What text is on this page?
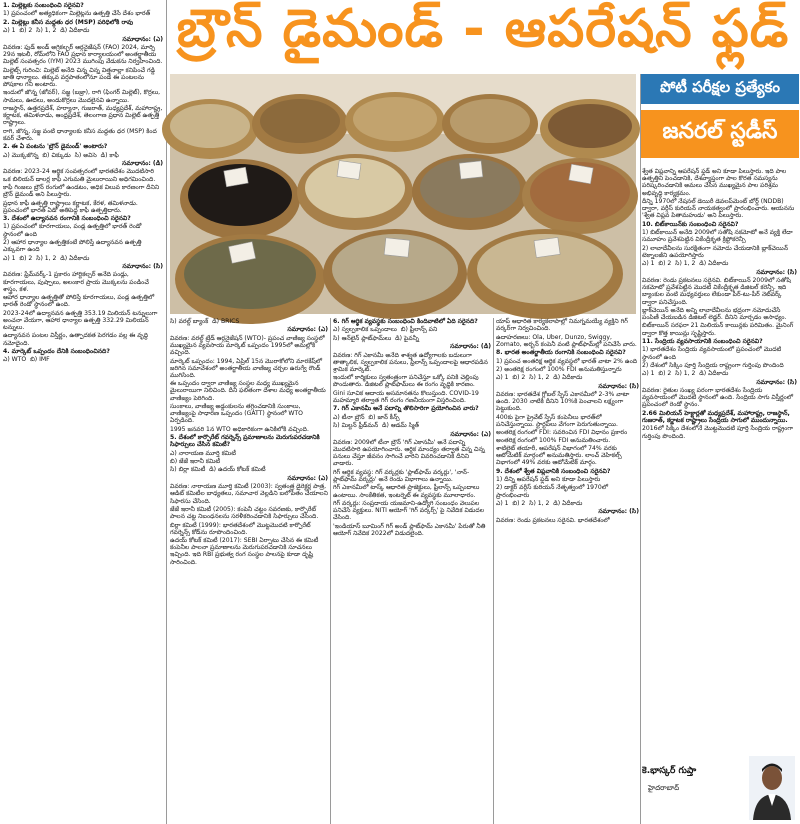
1. మిల్లెట్లకు సంబంధించి సరైనవి?

1) ప్రపంచంలో అత్యధికంగా మిల్లెట్లను ఉత్పత్తి చేసే దేశం భారత్

2. మిల్లెట్లు కనీస మద్దతు ధర (MSP) పరిధిలోకి రావు

ఎ) 1  బి) 2  సి) 1, 2  డి) ఏదీకాదు

సమాధానం: (ఎ)

వివరణ: ఫుడ్ అండ్ అగ్రికల్చర్ ఆర్గనైజేషన్ (FAO) 2024, మార్చి 29న ఇటలీ, రోమ్‌లోని FAO ప్రధాన కార్యాలయంలో అంతర్జాతీయ మిల్లెట్ సంవత్సరం (IYM) 2023 ముగింపు వేడుకను నిర్వహించింది.

మిల్లెట్స్ గురించి: మిల్లెట్ అనేది చిన్న చిన్న విత్తనాల్లా కనిపించే గడ్డి జాతి ధాన్యాలు. తక్కువ వర్షపాతంలోనూ పండే ఈ పంటలను పోషకాల గని అంటారు.

ఇందులో జొన్న (జోవర్), సజ్జ (బజ్రా), రాగి (ఫింగర్ మిల్లెట్), కొర్రలు, సామలు, ఊదలు, అండుకొర్రలు మొదలైనవి ఉన్నాయి.

రాజస్థాన్, ఉత్తరప్రదేశ్, హర్యానా, గుజరాత్, మధ్యప్రదేశ్, మహారాష్ట్ర, కర్ణాటక, తమిళనాడు, ఆంధ్రప్రదేశ్, తెలంగాణ ప్రధాన మిల్లెట్ ఉత్పత్తి రాష్ట్రాలు.

రాగి, జొన్న, సజ్జ వంటి ధాన్యాలకు కనీస మద్దతు ధర (MSP) కింద కవర్ చేశారు.

2. ఈ ఏ పంటను 'బ్రౌన్ డైమండ్' అంటారు?

ఎ) మొక్కజొన్న  బి) చిక్కుడు  సి) అవిసె  డి) కాఫీ

సమాధానం: (డి)

వివరణ: 2023-24 ఆర్థిక సంవత్సరంలో భారతదేశం మొదటిసారి ఒక బిలియన్ డాలర్ల కాఫీ ఎగుమతి మైలురాయిని అధిగమించింది.

కాఫీ గింజలు బ్రౌన్ రంగులో ఉండటం, అధిక విలువ కారణంగా దీనిని బ్రౌన్ డైమండ్ అని పిలుస్తారు.

ప్రధాన కాఫీ ఉత్పత్తి రాష్ట్రాలు కర్ణాటక, కేరళ, తమిళనాడు. ప్రపంచంలో భారత్ ఏడో అతిపెద్ద కాఫీ ఉత్పత్తిదారు.

3. దేశంలో ఉద్యానవన రంగానికి సంబంధించి సరైనవి?

1) ప్రపంచంలో కూరగాయలు, పండ్ల ఉత్పత్తిలో భారత్ రెండో స్థానంలో ఉంది

2) ఆహార ధాన్యాల ఉత్పత్తికంటే పోలిస్తే ఉద్యానవన ఉత్పత్తి ఎక్కువగా ఉంది

ఎ) 1  బి) 2  సి) 1, 2  డి) ఏదీకాదు

సమాధానం: (సి)

వివరణ: ఫ్రేమ్‌వర్క్-1 ప్రకారం హార్టికల్చర్ అనేది పండ్లు, కూరగాయలు, పుష్పాలు, అలంకార ప్రాయ మొక్కలను పండించే శాస్త్రం, కళ.

ఆహార ధాన్యాల ఉత్పత్తితో పోలిస్తే కూరగాయలు, పండ్ల ఉత్పత్తిలో భారత్ రెండో స్థానంలో ఉంది.

2023-24లో ఉద్యానవన ఉత్పత్తి 353.19 మిలియన్ టన్నులుగా అంచనా వేయగా, ఆహార ధాన్యాల ఉత్పత్తి 332.29 మిలియన్ టన్నులు.

ఉద్యానవన పంటల విస్తీర్ణం, ఉత్పాదకత పెరగడం వల్ల ఈ వృద్ధి నమోదైంది.

4. మార్కెట్ ఒప్పందం దేనికి సంబంధించినది?

ఎ) WTO  బి) IMF

బ్రౌన్ డైమండ్ - ఆపరేషన్ ఫ్లడ్

సి) వరల్డ్ బ్యాంక్  డి) BRICS

సమాధానం: (ఎ)

వివరణ: వరల్డ్ ట్రేడ్ ఆర్గనైజేషన్ (WTO)- ప్రపంచ వాణిజ్య సంస్థలో ముఖ్యమైన వ్యవసాయ మార్కెట్ ఒప్పందం 1995లో అమల్లోకి వచ్చింది.

మార్కెట్ ఒప్పందం: 1994, ఏప్రిల్ 15న మొరాకోలోని మారకేష్‌లో జరిగిన సమావేశంలో అంతర్జాతీయ వాణిజ్య చర్చల ఉరుగ్వే రౌండ్ ముగిసింది.

ఈ ఒప్పందం ద్వారా వాణిజ్య సంస్థల మధ్య ముఖ్యమైన మైలురాయిగా నిలిచింది. దీని ఫలితంగా దేశాల మధ్య అంతర్జాతీయ వాణిజ్యం పెరిగింది.

సుంకాలు, వాణిజ్య అడ్డంకులను తగ్గించడానికి సుంకాలు, వాణిజ్యంపై సాధారణ ఒప్పందం (GATT) స్థానంలో WTO ఏర్పడింది.

1995 జనవరి 1న WTO అధికారికంగా ఉనికిలోకి వచ్చింది.

5. దేశంలో కార్పొరేట్ గవర్నెన్స్ ప్రమాణాలను మెరుగుపరచడానికి సిఫార్సులు చేసిన కమిటీ?

ఎ) నారాయణ మూర్తి కమిటీ

బి) జేజే ఇరానీ కమిటీ

సి) బిర్లా కమిటీ  డి) ఉదయ్ కోటక్ కమిటీ

సమాధానం: (ఎ)

వివరణ: నారాయణ మూర్తి కమిటీ (2003): స్వతంత్ర డైరెక్టర్ల పాత్ర, ఆడిట్ కమిటీల బాధ్యతలు, సమాచార వెల్లడిని బలోపేతం చేయాలని సిఫారసు చేసింది.

జేజే ఇరానీ కమిటీ (2005): కంపెనీ చట్టం సవరణకు, కార్పొరేట్ పాలన చట్ట నిబంధనలను సరళీకరించడానికి సిఫార్సులు చేసింది.

బిర్లా కమిటీ (1999): భారతదేశంలో మొట్టమొదటి కార్పొరేట్ గవర్నెన్స్ కోడ్‌ను రూపొందించింది.

ఉదయ్ కోటక్ కమిటీ (2017): SEBI ఏర్పాటు చేసిన ఈ కమిటీ కంపెనీల పాలనా ప్రమాణాలను మెరుగుపరచడానికి సూచనలు ఇచ్చింది. ఇది RBI ప్రభుత్వ రంగ సంస్థల పాలనపై కూడా దృష్టి సారించింది.

6. గిగ్ ఆర్థిక వ్యవస్థకు సంబంధించి కిందివాటిలో ఏది సరైనది?

ఎ) స్వల్పకాలిక ఒప్పందాలు  బి) ఫ్రీలాన్స్ పని

సి) ఆన్‌లైన్ ప్లాట్‌ఫామ్‌లు  డి) పైవన్నీ

సమాధానం: (డి)

వివరణ: గిగ్ ఎకానమీ అనేది శాశ్వత ఉద్యోగాలకు బదులుగా తాత్కాలిక, స్వల్పకాలిక పనులు, ఫ్రీలాన్స్ ఒప్పందాలపై ఆధారపడిన శ్రామిక మార్కెట్.

ఇందులో కార్మికులు స్వతంత్రంగా పనిచేస్తూ ఒక్కో పనికి చెల్లింపు పొందుతారు. డిజిటల్ ప్లాట్‌ఫామ్‌లు ఈ రంగం వృద్ధికి కారణం.

Gini సూచిక ఆదాయ అసమానతను కొలుస్తుంది. COVID-19 మహమ్మారి తర్వాత గిగ్ రంగం గణనీయంగా విస్తరించింది.

7. గిగ్ ఎకానమీ అనే పదాన్ని తొలిసారిగా ప్రయోగించిన వారు?

ఎ) టీనా బ్రౌన్  బి) జాన్ కీన్స్

సి) మిల్టన్ ఫ్రీడ్‌మన్  డి) ఆడమ్ స్మిత్

సమాధానం: (ఎ)

వివరణ: 2009లో టీనా బ్రౌన్ 'గిగ్ ఎకానమీ' అనే పదాన్ని మొదటిసారి ఉపయోగించారు. ఆర్థిక మాంద్యం తర్వాత చిన్న చిన్న పనులు చేస్తూ జీవనం సాగించే వారిని వివరించడానికి దీనిని వాడారు.

గిగ్ ఆర్థిక వ్యవస్థ: గిగ్ వర్కర్లకు 'ప్లాట్‌ఫామ్ వర్కర్లు', 'నాన్-ప్లాట్‌ఫామ్ వర్కర్లు' అనే రెండు విభాగాలు ఉన్నాయి.

గిగ్ ఎకానమీలో టాస్క్ ఆధారిత ప్రాజెక్టులు, ఫ్రీలాన్స్ ఒప్పందాలు ఉంటాయి. సాంకేతికత, ఇంటర్నెట్ ఈ వ్యవస్థకు మూలాధారం.

గిగ్ వర్కర్లు: సంప్రదాయ యజమాని-ఉద్యోగి సంబంధం వెలుపల పనిచేసే వ్యక్తులు. NITI ఆయోగ్ 'గిగ్ వర్కర్స్' పై నివేదిక విడుదల చేసింది.

'ఇండియాస్ బూమింగ్ గిగ్ అండ్ ప్లాట్‌ఫామ్ ఎకానమీ' పేరుతో నీతి ఆయోగ్ నివేదిక 2022లో విడుదలైంది.

యాప్ ఆధారిత కార్యకలాపాల్లో నిమగ్నమయ్యే వ్యక్తిని గిగ్ వర్కర్‌గా నిర్వచించింది.

ఉదాహరణలు: Ola, Uber, Dunzo, Swiggy, Zomato, అర్బన్ కంపెనీ వంటి ప్లాట్‌ఫామ్‌ల్లో పనిచేసే వారు.

8. భారత అంతర్జాతీయ రంగానికి సంబంధించి సరైనవి?

1) ప్రపంచ అంతరిక్ష ఆర్థిక వ్యవస్థలో భారత్ వాటా 2% ఉంది

2) అంతరిక్ష రంగంలో 100% FDI అనుమతిస్తున్నారు

ఎ) 1  బి) 2  సి) 1, 2  డి) ఏదీకాదు

సమాధానం: (సి)

వివరణ: భారతదేశ గ్లోబల్ స్పేస్ ఎకానమీలో 2-3% వాటా ఉంది. 2030 నాటికి దీనిని 10%కి పెంచాలని లక్ష్యంగా పెట్టుకుంది.

400కు పైగా ప్రైవేట్ స్పేస్ కంపెనీలు భారత్‌లో పనిచేస్తున్నాయి. స్టార్టప్‌లు వేగంగా పెరుగుతున్నాయి.

అంతరిక్ష రంగంలో FDI: సవరించిన FDI విధానం ప్రకారం అంతరిక్ష రంగంలో 100% FDI అనుమతించారు.

శాటిలైట్ తయారీ, ఆపరేషన్ విభాగంలో 74% వరకు ఆటోమేటిక్ మార్గంలో అనుమతిస్తారు. లాంచ్ వెహికల్స్ విభాగంలో 49% వరకు ఆటోమేటిక్ మార్గం.

9. దేశంలో శ్వేత విప్లవానికి సంబంధించి సరైనవి?

1) దీన్ని ఆపరేషన్ ఫ్లడ్ అని కూడా పిలుస్తారు

2) డాక్టర్ వర్గీస్ కురియన్ నేతృత్వంలో 1970లో ప్రారంభించారు

ఎ) 1  బి) 2  సి) 1, 2  డి) ఏదీకాదు

సమాధానం: (సి)

వివరణ: రెండు ప్రకటనలు సరైనవి. భారతదేశంలో

పోటీ పరీక్షల ప్రత్యేకం
జనరల్ స్టడీస్

శ్వేత విప్లవాన్ని ఆపరేషన్ ఫ్లడ్ అని కూడా పిలుస్తారు. ఇది పాల ఉత్పత్తిని పెంచడానికి, దేశవ్యాప్తంగా పాల కొరత సమస్యను పరిష్కరించడానికి అమలు చేసిన ముఖ్యమైన పాల పరిశ్రమ అభివృద్ధి కార్యక్రమం.

దీన్ని 1970లో నేషనల్ డెయిరీ డెవలప్‌మెంట్ బోర్డ్ (NDDB) ద్వారా, వర్గీస్ కురియన్ నాయకత్వంలో ప్రారంభించారు. ఆయనను 'శ్వేత విప్లవ పితామహుడు' అని పిలుస్తారు.

10. బిట్‌కాయిన్‌కు సంబంధించి సరైనవి?

1) బిట్‌కాయిన్ అనేది 2009లో సతోషి నకమోటో అనే వ్యక్తి లేదా సమూహం ప్రవేశపెట్టిన వికేంద్రీకృత క్రిప్టోకరెన్సీ

2) లావాదేవీలను సురక్షితంగా నమోదు చేయడానికి బ్లాక్‌చెయిన్ టెక్నాలజీని ఉపయోగిస్తారు

ఎ) 1  బి) 2  సి) 1, 2  డి) ఏదీకాదు

సమాధానం: (సి)

వివరణ: రెండు ప్రకటనలు సరైనవి. బిట్‌కాయిన్ 2009లో సతోషి నకమోటో ప్రవేశపెట్టిన మొదటి వికేంద్రీకృత డిజిటల్ కరెన్సీ. ఇది బ్యాంకుల వంటి మధ్యవర్తులు లేకుండా పీర్-టు-పీర్ నెట్‌వర్క్ ద్వారా పనిచేస్తుంది.

బ్లాక్‌చెయిన్ అనేది అన్ని లావాదేవీలను భద్రంగా నమోదుచేసే పంపిణీ చేయబడిన డిజిటల్ లెడ్జర్. దీనిని మార్చడం అసాధ్యం.

బిట్‌కాయిన్ సరఫరా 21 మిలియన్ కాయిన్లకు పరిమితం. మైనింగ్ ద్వారా కొత్త కాయిన్లు సృష్టిస్తారు.

11. సేంద్రియ వ్యవసాయానికి సంబంధించి సరైనవి?

1) భారతదేశం సేంద్రియ వ్యవసాయంలో ప్రపంచంలో మొదటి స్థానంలో ఉంది

2) దేశంలో సిక్కిం పూర్తి సేంద్రియ రాష్ట్రంగా గుర్తింపు పొందింది

ఎ) 1  బి) 2  సి) 1, 2  డి) ఏదీకాదు

సమాధానం: (సి)

వివరణ: రైతుల సంఖ్య పరంగా భారతదేశం సేంద్రియ వ్యవసాయంలో మొదటి స్థానంలో ఉంది. సేంద్రియ సాగు విస్తీర్ణంలో ప్రపంచంలో రెండో స్థానం.

2.66 మిలియన్ హెక్టార్లతో మధ్యప్రదేశ్, మహారాష్ట్ర, రాజస్థాన్, గుజరాత్, కర్ణాటక రాష్ట్రాలు సేంద్రియ సాగులో ముందున్నాయి.

2016లో సిక్కిం దేశంలోనే మొట్టమొదటి పూర్తి సేంద్రియ రాష్ట్రంగా గుర్తింపు పొందింది.

కె.భాస్కర్ గుప్తా
హైదరాబాద్
